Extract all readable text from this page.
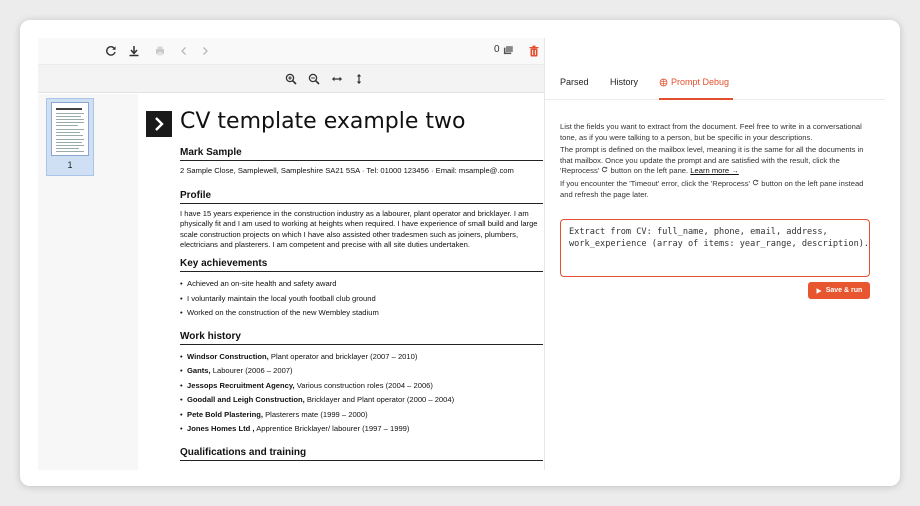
0
1
CV template example two
Mark Sample
2 Sample Close, Samplewell, Sampleshire SA21 5SA · Tel: 01000 123456 · Email: msample@.com
Profile
I have 15 years experience in the construction industry as a labourer, plant operator and bricklayer. I am physically fit and I am used to working at heights when required. I have experience of small build and large scale construction projects on which I have also assisted other tradesmen such as joiners, plumbers, electricians and plasterers. I am competent and precise with all site duties undertaken.
Key achievements
• Achieved an on-site health and safety award
• I voluntarily maintain the local youth football club ground
• Worked on the construction of the new Wembley stadium
Work history
• Windsor Construction, Plant operator and bricklayer (2007 – 2010)
• Gants, Labourer (2006 – 2007)
• Jessops Recruitment Agency, Various construction roles (2004 – 2006)
• Goodall and Leigh Construction, Bricklayer and Plant operator (2000 – 2004)
• Pete Bold Plastering, Plasterers mate (1999 – 2000)
• Jones Homes Ltd , Apprentice Bricklayer/ labourer (1997 – 1999)
Qualifications and training
Parsed History	Prompt Debug

List the fields you want to extract from the document. Feel free to write in a conversational tone, as if you were talking to a person, but be specific in your descriptions.

The prompt is defined on the mailbox level, meaning it is the same for all the documents in that mailbox. Once you update the prompt and are satisfied with the result, click the 'Reprocess' button on the left pane. Learn more →

If you encounter the 'Timeout' error, click the 'Reprocess' button on the left pane instead and refresh the page later.

Extract from CV: full_name, phone, email, address,
work_experience (array of items: year_range, description).
Save & run
